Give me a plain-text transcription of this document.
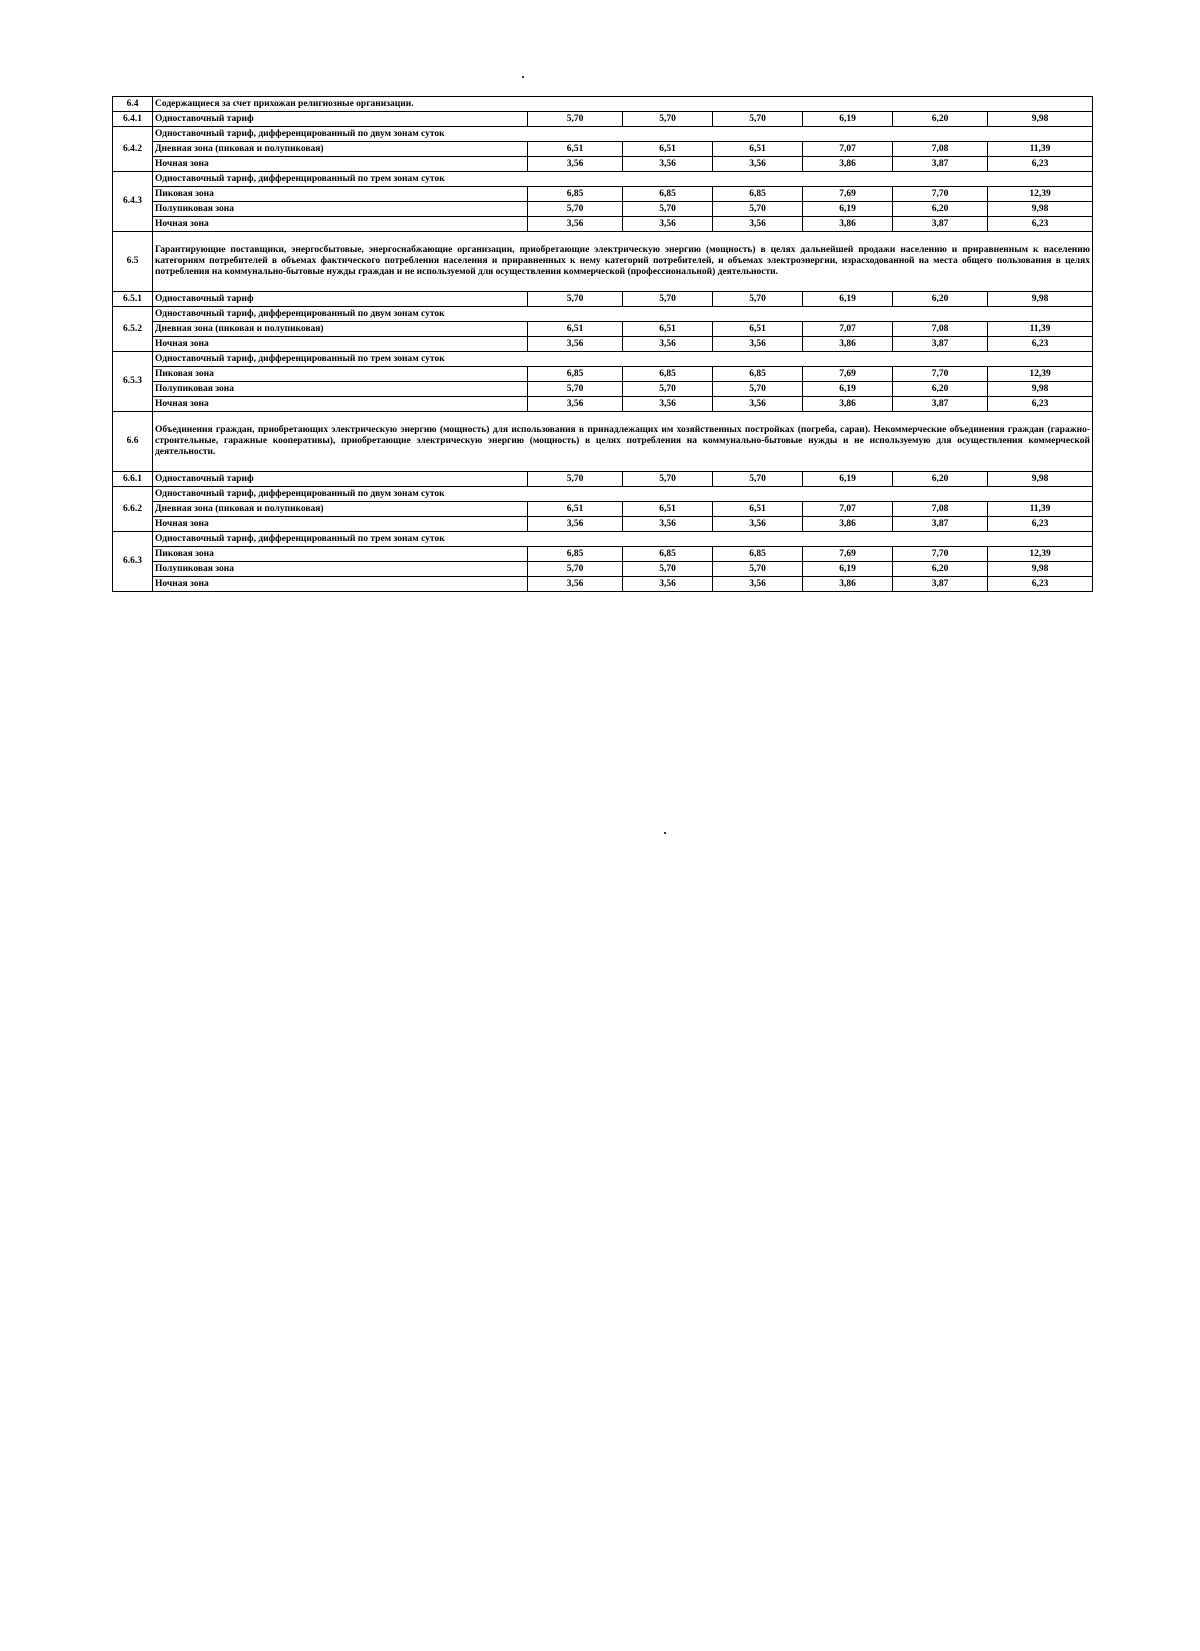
6.4	Содержащиеся за счет прихожан религиозные организации.						
6.4.1	Одноставочный тариф	5,70	5,70	5,70	6,19	6,20	9,98
6.4.2	Одноставочный тариф, дифференцированный по двум зонам суток						
	Дневная зона (пиковая и полупиковая)	6,51	6,51	6,51	7,07	7,08	11,39
	Ночная зона	3,56	3,56	3,56	3,86	3,87	6,23
6.4.3	Одноставочный тариф, дифференцированный по трем зонам суток						
	Пиковая зона	6,85	6,85	6,85	7,69	7,70	12,39
	Полупиковая зона	5,70	5,70	5,70	6,19	6,20	9,98
	Ночная зона	3,56	3,56	3,56	3,86	3,87	6,23
6.5	Гарантирующие поставщики, энергосбытовые, энергоснабжающие организации, приобретающие электрическую энергию (мощность) в целях дальнейшей продажи населению и приравненным к населению категориям потребителей в объемах фактического потребления населения и приравненных к нему категорий потребителей, и объемах электроэнергии, израсходованной на места общего пользования в целях потребления на коммунально-бытовые нужды граждан и не используемой для осуществления коммерческой (профессиональной) деятельности.						
6.5.1	Одноставочный тариф	5,70	5,70	5,70	6,19	6,20	9,98
6.5.2	Одноставочный тариф, дифференцированный по двум зонам суток						
	Дневная зона (пиковая и полупиковая)	6,51	6,51	6,51	7,07	7,08	11,39
	Ночная зона	3,56	3,56	3,56	3,86	3,87	6,23
6.5.3	Одноставочный тариф, дифференцированный по трем зонам суток						
	Пиковая зона	6,85	6,85	6,85	7,69	7,70	12,39
	Полупиковая зона	5,70	5,70	5,70	6,19	6,20	9,98
	Ночная зона	3,56	3,56	3,56	3,86	3,87	6,23
6.6	Объединения граждан, приобретающих электрическую энергию (мощность) для использования в принадлежащих им хозяйственных постройках (погреба, сараи). Некоммерческие объединения граждан (гаражно-строительные, гаражные кооперативы), приобретающие электрическую энергию (мощность) в целях потребления на коммунально-бытовые нужды и не используемую для осуществления коммерческой деятельности.						
6.6.1	Одноставочный тариф	5,70	5,70	5,70	6,19	6,20	9,98
6.6.2	Одноставочный тариф, дифференцированный по двум зонам суток						
	Дневная зона (пиковая и полупиковая)	6,51	6,51	6,51	7,07	7,08	11,39
	Ночная зона	3,56	3,56	3,56	3,86	3,87	6,23
6.6.3	Одноставочный тариф, дифференцированный по трем зонам суток						
	Пиковая зона	6,85	6,85	6,85	7,69	7,70	12,39
	Полупиковая зона	5,70	5,70	5,70	6,19	6,20	9,98
	Ночная зона	3,56	3,56	3,56	3,86	3,87	6,23
